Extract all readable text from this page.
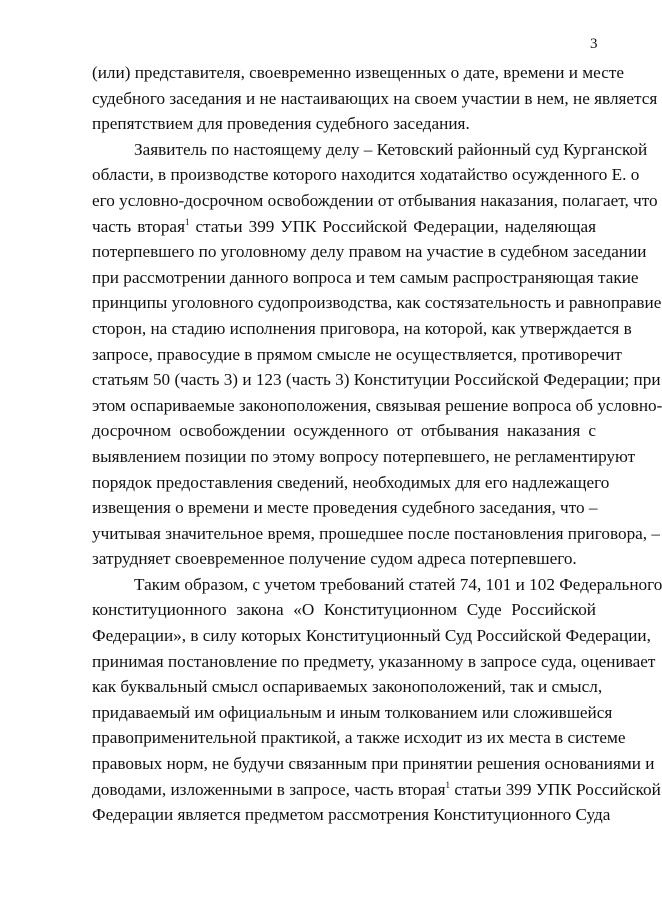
3
(или) представителя, своевременно извещенных о дате, времени и месте
судебного заседания и не настаивающих на своем участии в нем, не является
препятствием для проведения судебного заседания.
Заявитель по настоящему делу – Кетовский районный суд Курганской
области, в производстве которого находится ходатайство осужденного Е. о
его условно-досрочном освобождении от отбывания наказания, полагает, что
часть вторая$^1$ статьи 399 УПК Российской Федерации, наделяющая
потерпевшего по уголовному делу правом на участие в судебном заседании
при рассмотрении данного вопроса и тем самым распространяющая такие
принципы уголовного судопроизводства, как состязательность и равноправие
сторон, на стадию исполнения приговора, на которой, как утверждается в
запросе, правосудие в прямом смысле не осуществляется, противоречит
статьям 50 (часть 3) и 123 (часть 3) Конституции Российской Федерации; при
этом оспариваемые законоположения, связывая решение вопроса об условно-
досрочном освобождении осужденного от отбывания наказания с
выявлением позиции по этому вопросу потерпевшего, не регламентируют
порядок предоставления сведений, необходимых для его надлежащего
извещения о времени и месте проведения судебного заседания, что –
учитывая значительное время, прошедшее после постановления приговора, –
затрудняет своевременное получение судом адреса потерпевшего.
Таким образом, с учетом требований статей 74, 101 и 102 Федерального
конституционного закона «О Конституционном Суде Российской
Федерации», в силу которых Конституционный Суд Российской Федерации,
принимая постановление по предмету, указанному в запросе суда, оценивает
как буквальный смысл оспариваемых законоположений, так и смысл,
придаваемый им официальным и иным толкованием или сложившейся
правоприменительной практикой, а также исходит из их места в системе
правовых норм, не будучи связанным при принятии решения основаниями и
доводами, изложенными в запросе, часть вторая$^1$ статьи 399 УПК Российской
Федерации является предметом рассмотрения Конституционного Суда
